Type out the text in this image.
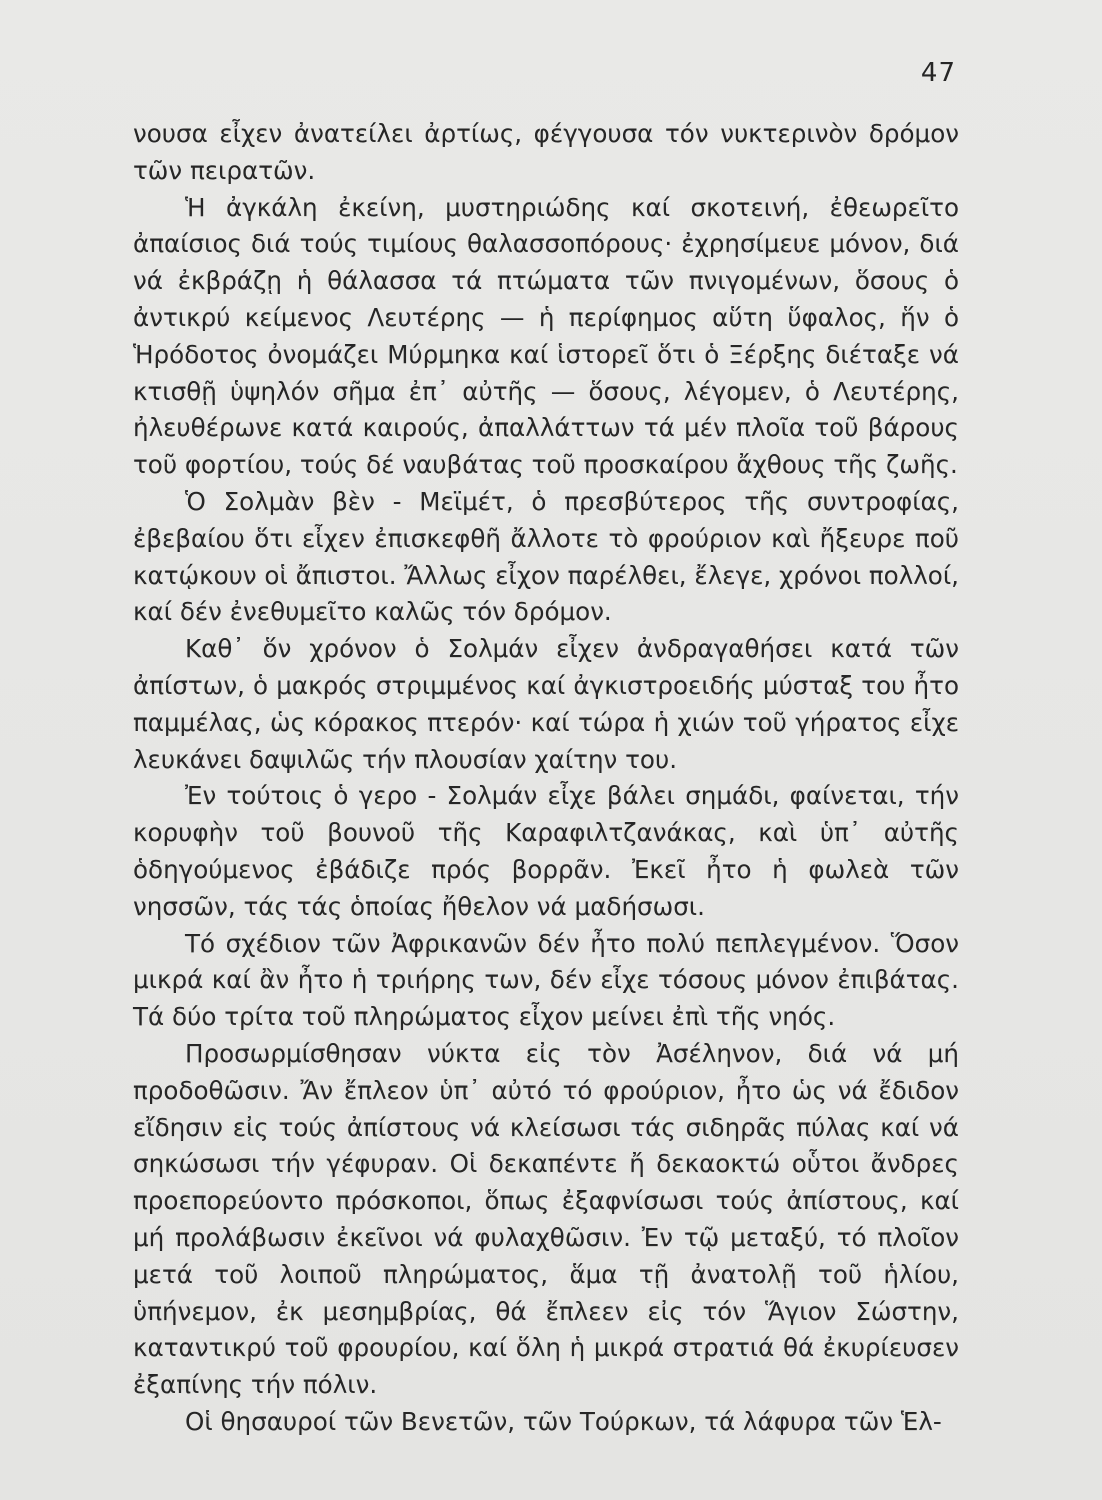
47

νουσα εἶχεν ἀνατείλει ἀρτίως, φέγγουσα τόν νυκτερινὸν δρόμον τῶν πειρατῶν.

Ἡ ἀγκάλη ἐκείνη, μυστηριώδης καί σκοτεινή, ἐθεωρεῖτο ἀπαίσιος διά τούς τιμίους θαλασσοπόρους· ἐχρησίμευε μόνον, διά νά ἐκβράζῃ ἡ θάλασσα τά πτώματα τῶν πνιγομένων, ὅσους ὁ ἀντικρύ κείμενος Λευτέρης — ἡ περίφημος αὕτη ὕφαλος, ἥν ὁ Ἡρόδοτος ὀνομάζει Μύρμηκα καί ἱστορεῖ ὅτι ὁ Ξέρξης διέταξε νά κτισθῇ ὑψηλόν σῆμα ἐπ᾿ αὐτῆς — ὅσους, λέγομεν, ὁ Λευτέρης, ἠλευθέρωνε κατά καιρούς, ἀπαλλάττων τά μέν πλοῖα τοῦ βάρους τοῦ φορτίου, τούς δέ ναυβάτας τοῦ προσκαίρου ἄχθους τῆς ζωῆς.

Ὁ Σολμὰν βὲν - Μεϊμέτ, ὁ πρεσβύτερος τῆς συντροφίας, ἐβεβαίου ὅτι εἶχεν ἐπισκεφθῆ ἄλλοτε τὸ φρούριον καὶ ἤξευρε ποῦ κατῴκουν οἱ ἄπιστοι. Ἄλλως εἶχον παρέλθει, ἔλεγε, χρόνοι πολλοί, καί δέν ἐνεθυμεῖτο καλῶς τόν δρόμον.

Καθ᾿ ὅν χρόνον ὁ Σολμάν εἶχεν ἀνδραγαθήσει κατά τῶν ἀπίστων, ὁ μακρός στριμμένος καί ἀγκιστροειδής μύσταξ του ἦτο παμμέλας, ὡς κόρακος πτερόν· καί τώρα ἡ χιών τοῦ γήρατος εἶχε λευκάνει δαψιλῶς τήν πλουσίαν χαίτην του.

Ἐν τούτοις ὁ γερο - Σολμάν εἶχε βάλει σημάδι, φαίνεται, τήν κορυφὴν τοῦ βουνοῦ τῆς Καραφιλτζανάκας, καὶ ὑπ᾿ αὐτῆς ὁδηγούμενος ἐβάδιζε πρός βορρᾶν. Ἐκεῖ ἦτο ἡ φωλεὰ τῶν νησσῶν, τάς τάς ὁποίας ἤθελον νά μαδήσωσι.

Τό σχέδιον τῶν Ἀφρικανῶν δέν ἦτο πολύ πεπλεγμένον. Ὅσον μικρά καί ἂν ἦτο ἡ τριήρης των, δέν εἶχε τόσους μόνον ἐπιβάτας. Τά δύο τρίτα τοῦ πληρώματος εἶχον μείνει ἐπὶ τῆς νηός.

Προσωρμίσθησαν νύκτα εἰς τὸν Ἀσέληνον, διά νά μή προδοθῶσιν. Ἄν ἔπλεον ὑπ᾿ αὐτό τό φρούριον, ἦτο ὡς νά ἔδιδον εἴδησιν εἰς τούς ἀπίστους νά κλείσωσι τάς σιδηρᾶς πύλας καί νά σηκώσωσι τήν γέφυραν. Οἱ δεκαπέντε ἤ δεκαοκτώ οὗτοι ἄνδρες προεπορεύοντο πρόσκοποι, ὅπως ἐξαφνίσωσι τούς ἀπίστους, καί μή προλάβωσιν ἐκεῖνοι νά φυλαχθῶσιν. Ἐν τῷ μεταξύ, τό πλοῖον μετά τοῦ λοιποῦ πληρώματος, ἅμα τῇ ἀνατολῇ τοῦ ἡλίου, ὑπήνεμον, ἐκ μεσημβρίας, θά ἔπλεεν εἰς τόν Ἅγιον Σώστην, καταντικρύ τοῦ φρουρίου, καί ὅλη ἡ μικρά στρατιά θά ἐκυρίευσεν ἐξαπίνης τήν πόλιν.

Οἱ θησαυροί τῶν Βενετῶν, τῶν Τούρκων, τά λάφυρα τῶν Ἑλ-
